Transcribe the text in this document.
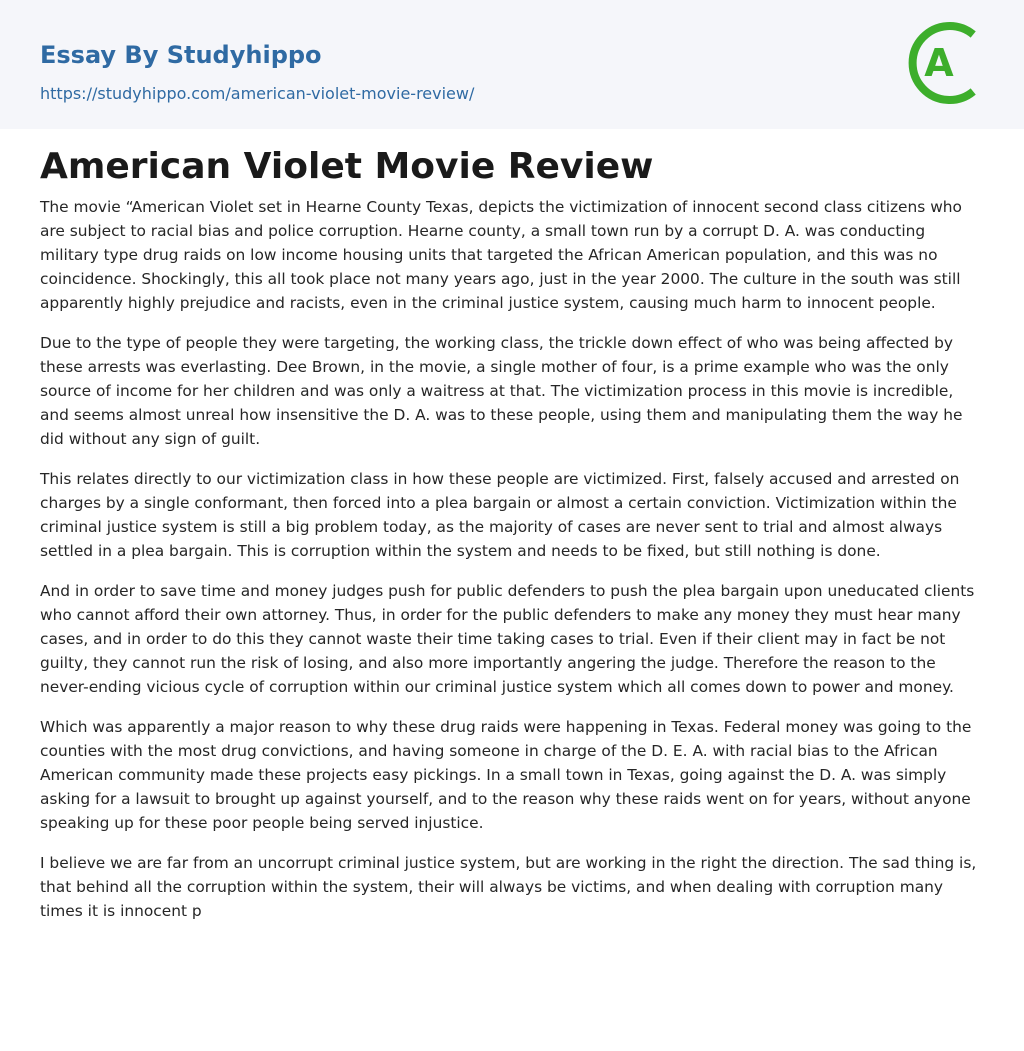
Essay By Studyhippo
https://studyhippo.com/american-violet-movie-review/
A
American Violet Movie Review

The movie “American Violet set in Hearne County Texas, depicts the victimization of innocent second class citizens who are subject to racial bias and police corruption. Hearne county, a small town run by a corrupt D. A. was conducting military type drug raids on low income housing units that targeted the African American population, and this was no coincidence. Shockingly, this all took place not many years ago, just in the year 2000. The culture in the south was still apparently highly prejudice and racists, even in the criminal justice system, causing much harm to innocent people.

Due to the type of people they were targeting, the working class, the trickle down effect of who was being affected by these arrests was everlasting. Dee Brown, in the movie, a single mother of four, is a prime example who was the only source of income for her children and was only a waitress at that. The victimization process in this movie is incredible, and seems almost unreal how insensitive the D. A. was to these people, using them and manipulating them the way he did without any sign of guilt.

This relates directly to our victimization class in how these people are victimized. First, falsely accused and arrested on charges by a single conformant, then forced into a plea bargain or almost a certain conviction. Victimization within the criminal justice system is still a big problem today, as the majority of cases are never sent to trial and almost always settled in a plea bargain. This is corruption within the system and needs to be fixed, but still nothing is done.

And in order to save time and money judges push for public defenders to push the plea bargain upon uneducated clients who cannot afford their own attorney. Thus, in order for the public defenders to make any money they must hear many cases, and in order to do this they cannot waste their time taking cases to trial. Even if their client may in fact be not guilty, they cannot run the risk of losing, and also more importantly angering the judge. Therefore the reason to the never-ending vicious cycle of corruption within our criminal justice system which all comes down to power and money.

Which was apparently a major reason to why these drug raids were happening in Texas. Federal money was going to the counties with the most drug convictions, and having someone in charge of the D. E. A. with racial bias to the African American community made these projects easy pickings. In a small town in Texas, going against the D. A. was simply asking for a lawsuit to brought up against yourself, and to the reason why these raids went on for years, without anyone speaking up for these poor people being served injustice.

I believe we are far from an uncorrupt criminal justice system, but are working in the right the direction. The sad thing is, that behind all the corruption within the system, their will always be victims, and when dealing with corruption many times it is innocent p
